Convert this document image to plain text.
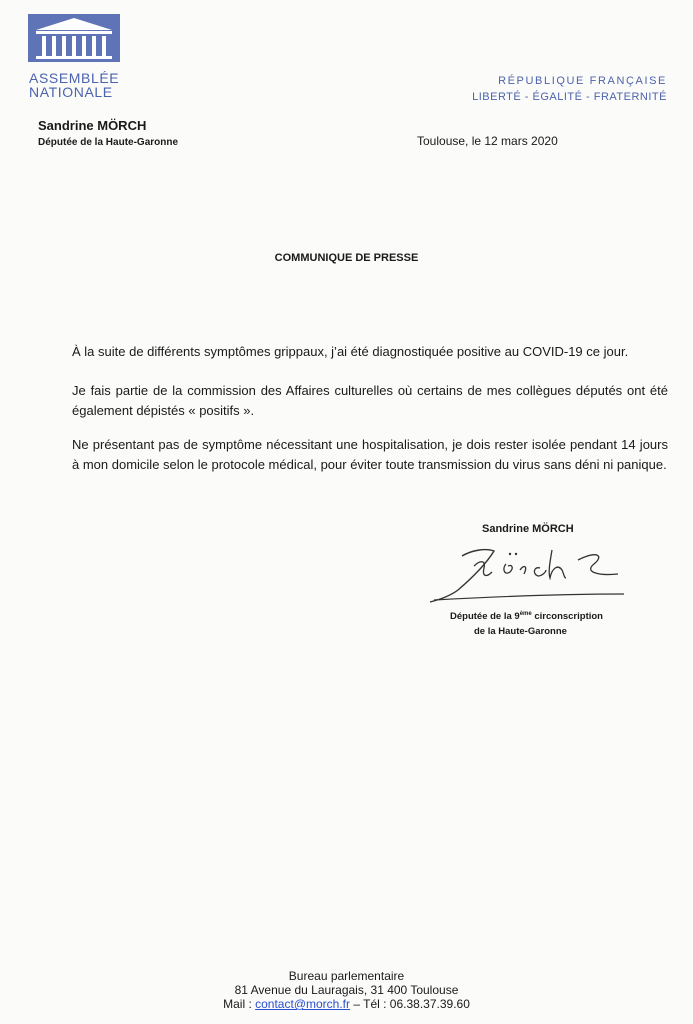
ASSEMBLÉE
NATIONALE
RÉPUBLIQUE FRANÇAISE
LIBERTÉ - ÉGALITÉ - FRATERNITÉ
Sandrine MÖRCH
Députée de la Haute-Garonne	Toulouse, le 12 mars 2020
COMMUNIQUE DE PRESSE
À la suite de différents symptômes grippaux, j’ai été diagnostiquée positive au COVID-19 ce jour.
Je fais partie de la commission des Affaires culturelles où certains de mes collègues députés ont été également dépistés « positifs ».
Ne présentant pas de symptôme nécessitant une hospitalisation, je dois rester isolée pendant 14 jours à mon domicile selon le protocole médical, pour éviter toute transmission du virus sans déni ni panique.
Sandrine MÖRCH
Députée de la 9ème circonscription
de la Haute-Garonne
Bureau parlementaire
81 Avenue du Lauragais, 31 400 Toulouse
Mail : contact@morch.fr – Tél : 06.38.37.39.60
